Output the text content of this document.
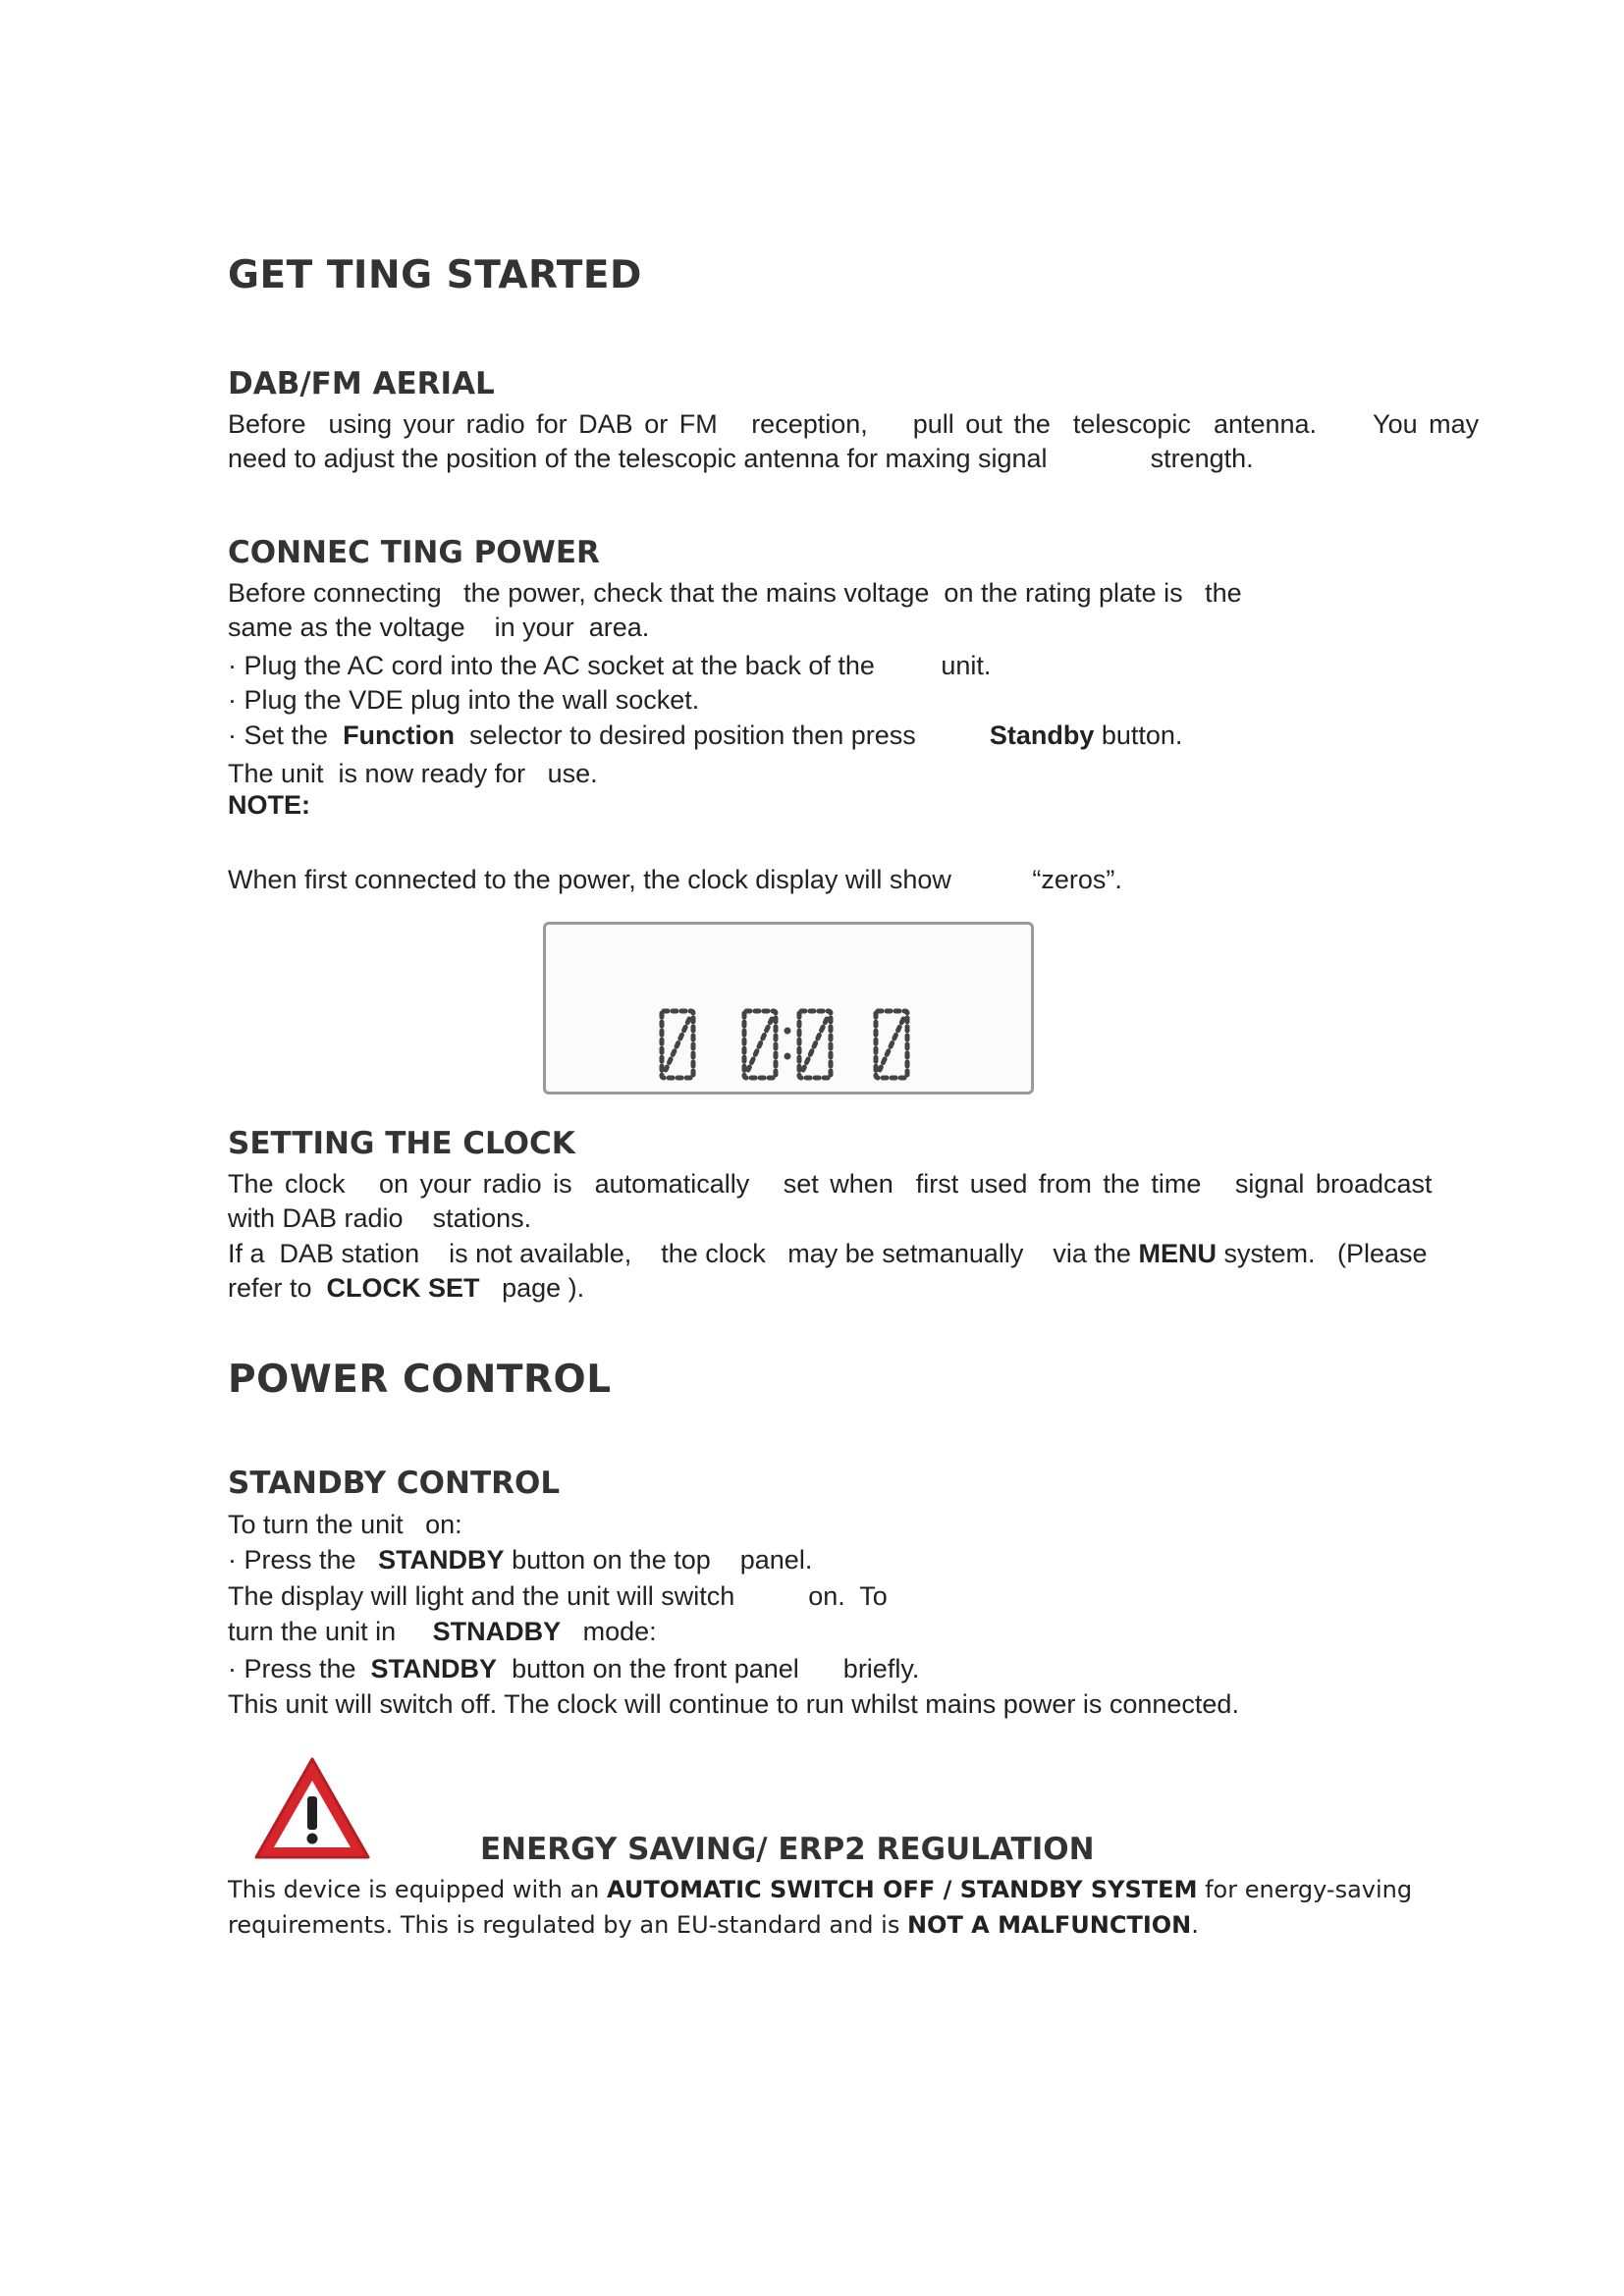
GET TING STARTED
DAB/FM AERIAL
Before  using your radio for DAB or FM   reception,    pull out the  telescopic  antenna.     You may
need to adjust the position of the telescopic antenna for maxing signal              strength.
CONNEC TING POWER
Before connecting   the power, check that the mains voltage  on the rating plate is   the
same as the voltage    in your  area.
· Plug the AC cord into the AC socket at the back of the         unit.
· Plug the VDE plug into the wall socket.
· Set the  Function  selector to desired position then press          Standby button.
The unit  is now ready for   use.
NOTE:
When first connected to the power, the clock display will show           “zeros”.
SETTING THE CLOCK
The clock   on your radio is  automatically   set when  first used from the time   signal broadcast
with DAB radio    stations.
If a  DAB station    is not available,    the clock   may be setmanually    via the MENU system.   (Please
refer to  CLOCK SET   page ).
POWER CONTROL
STANDBY CONTROL
To turn the unit   on:
· Press the   STANDBY button on the top    panel.
The display will light and the unit will switch          on.  To
turn the unit in     STNADBY   mode:
· Press the  STANDBY  button on the front panel      briefly.
This unit will switch off. The clock will continue to run whilst mains power is connected.
ENERGY SAVING/ ERP2 REGULATION
This device is equipped with an AUTOMATIC SWITCH OFF / STANDBY SYSTEM for energy-saving
requirements. This is regulated by an EU-standard and is NOT A MALFUNCTION.
